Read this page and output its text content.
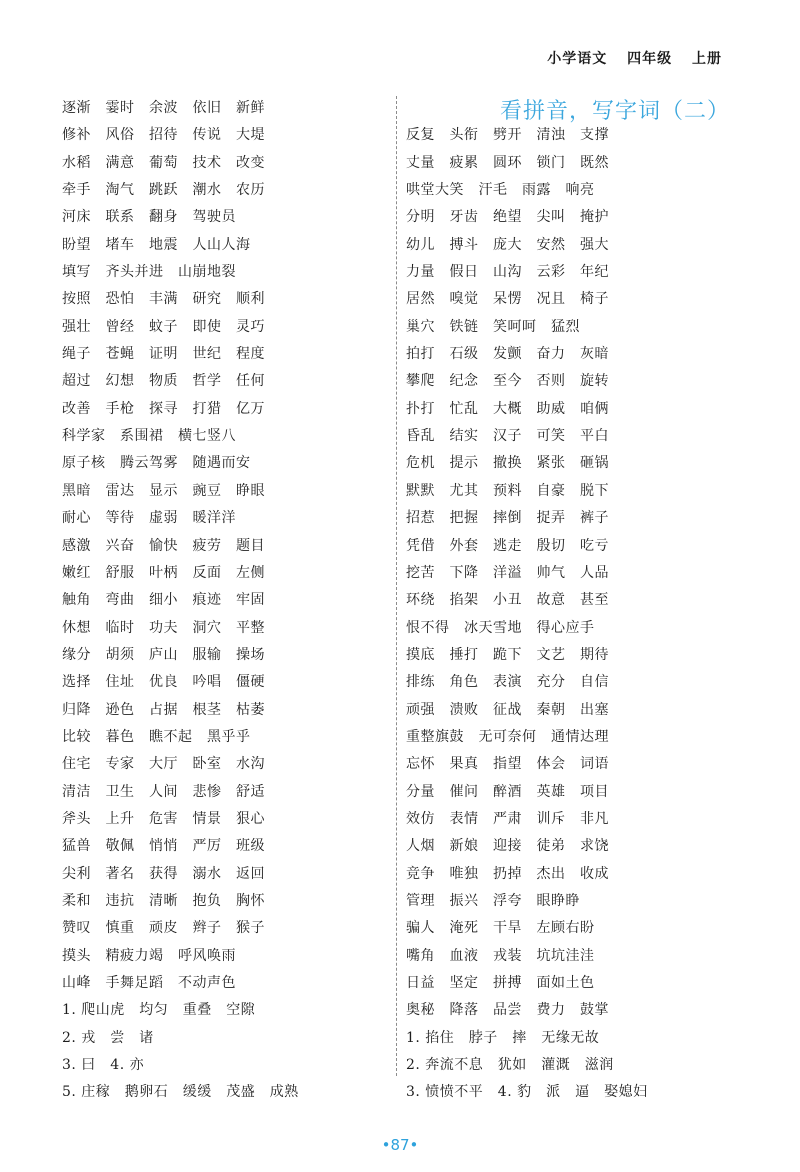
小学语文 四年级 上册
逐渐　霎时　余波　依旧　新鲜
修补　风俗　招待　传说　大堤
水稻　满意　葡萄　技术　改变
牵手　淘气　跳跃　潮水　农历
河床　联系　翻身　驾驶员
盼望　堵车　地震　人山人海
填写　齐头并进　山崩地裂
按照　恐怕　丰满　研究　顺利
强壮　曾经　蚊子　即使　灵巧
绳子　苍蝇　证明　世纪　程度
超过　幻想　物质　哲学　任何
改善　手枪　探寻　打猎　亿万
科学家　系围裙　横七竖八
原子核　腾云驾雾　随遇而安
黑暗　雷达　显示　豌豆　睁眼
耐心　等待　虚弱　暖洋洋
感激　兴奋　愉快　疲劳　题目
嫩红　舒服　叶柄　反面　左侧
触角　弯曲　细小　痕迹　牢固
休想　临时　功夫　洞穴　平整
缘分　胡须　庐山　服输　操场
选择　住址　优良　吟唱　僵硬
归降　逊色　占据　根茎　枯萎
比较　暮色　瞧不起　黑乎乎
住宅　专家　大厅　卧室　水沟
清洁　卫生　人间　悲惨　舒适
斧头　上升　危害　情景　狠心
猛兽　敬佩　悄悄　严厉　班级
尖利　著名　获得　溺水　返回
柔和　违抗　清晰　抱负　胸怀
赞叹　慎重　顽皮　辫子　猴子
摸头　精疲力竭　呼风唤雨
山峰　手舞足蹈　不动声色
1. 爬山虎　均匀　重叠　空隙
2. 戎　尝　诸
3. 曰　4. 亦
5. 庄稼　鹅卵石　缓缓　茂盛　成熟
看拼音，写字词（二）
反复　头衔　劈开　清浊　支撑
丈量　疲累　圆环　锁门　既然
哄堂大笑　汗毛　雨露　响亮
分明　牙齿　绝望　尖叫　掩护
幼儿　搏斗　庞大　安然　强大
力量　假日　山沟　云彩　年纪
居然　嗅觉　呆愣　况且　椅子
巢穴　铁链　笑呵呵　猛烈
拍打　石级　发颤　奋力　灰暗
攀爬　纪念　至今　否则　旋转
扑打　忙乱　大概　助威　咱俩
昏乱　结实　汉子　可笑　平白
危机　提示　撤换　紧张　砸锅
默默　尤其　预料　自豪　脱下
招惹　把握　摔倒　捉弄　裤子
凭借　外套　逃走　殷切　吃亏
挖苦　下降　洋溢　帅气　人品
环绕　掐架　小丑　故意　甚至
恨不得　冰天雪地　得心应手
摸底　捶打　跪下　文艺　期待
排练　角色　表演　充分　自信
顽强　溃败　征战　秦朝　出塞
重整旗鼓　无可奈何　通情达理
忘怀　果真　指望　体会　词语
分量　催问　醉酒　英雄　项目
效仿　表情　严肃　训斥　非凡
人烟　新娘　迎接　徒弟　求饶
竞争　唯独　扔掉　杰出　收成
管理　振兴　浮夸　眼睁睁
骗人　淹死　干旱　左顾右盼
嘴角　血液　戎装　坑坑洼洼
日益　坚定　拼搏　面如土色
奥秘　降落　品尝　费力　鼓掌
1. 掐住　脖子　摔　无缘无故
2. 奔流不息　犹如　灌溉　滋润
3. 愤愤不平　4. 豹　派　逼　娶媳妇
•87•
